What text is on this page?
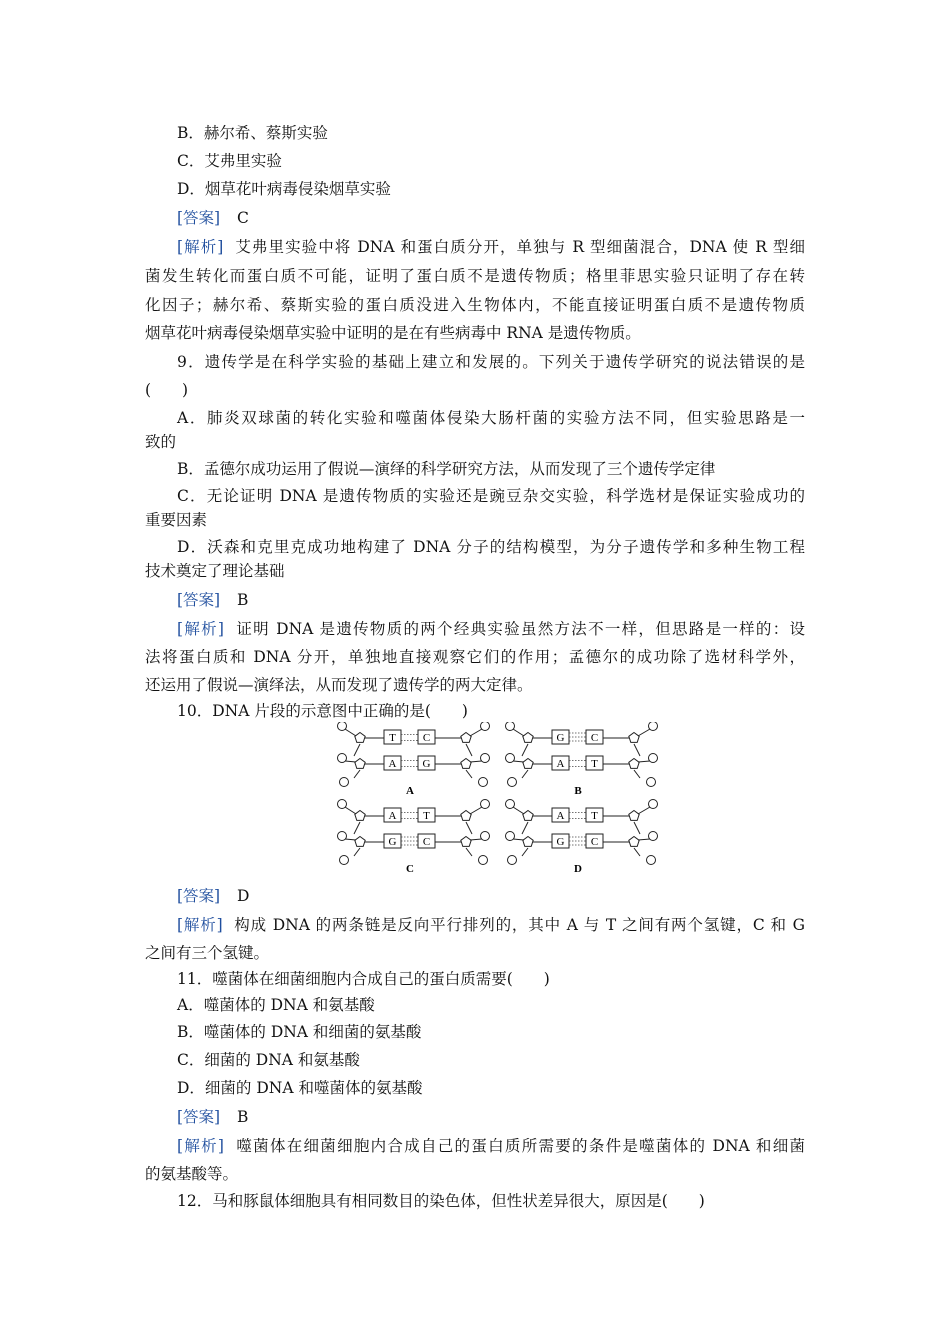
B．赫尔希、蔡斯实验
C．艾弗里实验
D．烟草花叶病毒侵染烟草实验
[答案] C
[解析] 艾弗里实验中将 DNA 和蛋白质分开，单独与 R 型细菌混合，DNA 使 R 型细
菌发生转化而蛋白质不可能，证明了蛋白质不是遗传物质；格里菲思实验只证明了存在转
化因子；赫尔希、蔡斯实验的蛋白质没进入生物体内，不能直接证明蛋白质不是遗传物质
烟草花叶病毒侵染烟草实验中证明的是在有些病毒中 RNA 是遗传物质。
9．遗传学是在科学实验的基础上建立和发展的。下列关于遗传学研究的说法错误的是
(　　)
A．肺炎双球菌的转化实验和噬菌体侵染大肠杆菌的实验方法不同，但实验思路是一
致的
B．孟德尔成功运用了假说—演绎的科学研究方法，从而发现了三个遗传学定律
C．无论证明 DNA 是遗传物质的实验还是豌豆杂交实验，科学选材是保证实验成功的
重要因素
D．沃森和克里克成功地构建了 DNA 分子的结构模型，为分子遗传学和多种生物工程
技术奠定了理论基础
[答案] B
[解析] 证明 DNA 是遗传物质的两个经典实验虽然方法不一样，但思路是一样的：设
法将蛋白质和 DNA 分开，单独地直接观察它们的作用；孟德尔的成功除了选材科学外，
还运用了假说—演绎法，从而发现了遗传学的两大定律。
10．DNA 片段的示意图中正确的是(　　)
T C
A G
A
G C
A T
B
A T
G C
C
A T
G C
D
[答案] D
[解析] 构成 DNA 的两条链是反向平行排列的，其中 A 与 T 之间有两个氢键，C 和 G
之间有三个氢键。
11．噬菌体在细菌细胞内合成自己的蛋白质需要(　　)
A．噬菌体的 DNA 和氨基酸
B．噬菌体的 DNA 和细菌的氨基酸
C．细菌的 DNA 和氨基酸
D．细菌的 DNA 和噬菌体的氨基酸
[答案] B
[解析] 噬菌体在细菌细胞内合成自己的蛋白质所需要的条件是噬菌体的 DNA 和细菌
的氨基酸等。
12．马和豚鼠体细胞具有相同数目的染色体，但性状差异很大，原因是(　　)
